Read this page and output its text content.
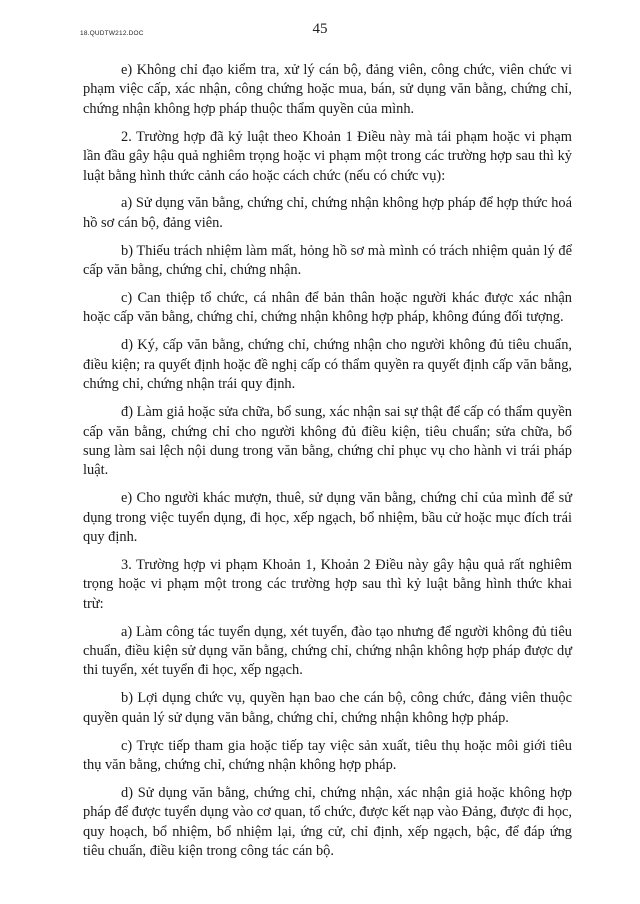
18.QUDTW212.DOC	45

e) Không chỉ đạo kiểm tra, xử lý cán bộ, đảng viên, công chức, viên chức vi phạm việc cấp, xác nhận, công chứng hoặc mua, bán, sử dụng văn bằng, chứng chỉ, chứng nhận không hợp pháp thuộc thẩm quyền của mình.

2. Trường hợp đã kỷ luật theo Khoản 1 Điều này mà tái phạm hoặc vi phạm lần đầu gây hậu quả nghiêm trọng hoặc vi phạm một trong các trường hợp sau thì kỷ luật bằng hình thức cảnh cáo hoặc cách chức (nếu có chức vụ):

a) Sử dụng văn bằng, chứng chỉ, chứng nhận không hợp pháp để hợp thức hoá hồ sơ cán bộ, đảng viên.

b) Thiếu trách nhiệm làm mất, hỏng hồ sơ mà mình có trách nhiệm quản lý để cấp văn bằng, chứng chỉ, chứng nhận.

c) Can thiệp tổ chức, cá nhân để bản thân hoặc người khác được xác nhận hoặc cấp văn bằng, chứng chỉ, chứng nhận không hợp pháp, không đúng đối tượng.

d) Ký, cấp văn bằng, chứng chỉ, chứng nhận cho người không đủ tiêu chuẩn, điều kiện; ra quyết định hoặc đề nghị cấp có thẩm quyền ra quyết định cấp văn bằng, chứng chỉ, chứng nhận trái quy định.

đ) Làm giả hoặc sửa chữa, bổ sung, xác nhận sai sự thật để cấp có thẩm quyền cấp văn bằng, chứng chỉ cho người không đủ điều kiện, tiêu chuẩn; sửa chữa, bổ sung làm sai lệch nội dung trong văn bằng, chứng chỉ phục vụ cho hành vi trái pháp luật.

e) Cho người khác mượn, thuê, sử dụng văn bằng, chứng chỉ của mình để sử dụng trong việc tuyển dụng, đi học, xếp ngạch, bổ nhiệm, bầu cử hoặc mục đích trái quy định.

3. Trường hợp vi phạm Khoản 1, Khoản 2 Điều này gây hậu quả rất nghiêm trọng hoặc vi phạm một trong các trường hợp sau thì kỷ luật bằng hình thức khai trừ:

a) Làm công tác tuyển dụng, xét tuyển, đào tạo nhưng để người không đủ tiêu chuẩn, điều kiện sử dụng văn bằng, chứng chỉ, chứng nhận không hợp pháp được dự thi tuyển, xét tuyển đi học, xếp ngạch.

b) Lợi dụng chức vụ, quyền hạn bao che cán bộ, công chức, đảng viên thuộc quyền quản lý sử dụng văn bằng, chứng chỉ, chứng nhận không hợp pháp.

c) Trực tiếp tham gia hoặc tiếp tay việc sản xuất, tiêu thụ hoặc môi giới tiêu thụ văn bằng, chứng chỉ, chứng nhận không hợp pháp.

d) Sử dụng văn bằng, chứng chỉ, chứng nhận, xác nhận giả hoặc không hợp pháp để được tuyển dụng vào cơ quan, tổ chức, được kết nạp vào Đảng, được đi học, quy hoạch, bổ nhiệm, bổ nhiệm lại, ứng cử, chỉ định, xếp ngạch, bậc, để đáp ứng tiêu chuẩn, điều kiện trong công tác cán bộ.
